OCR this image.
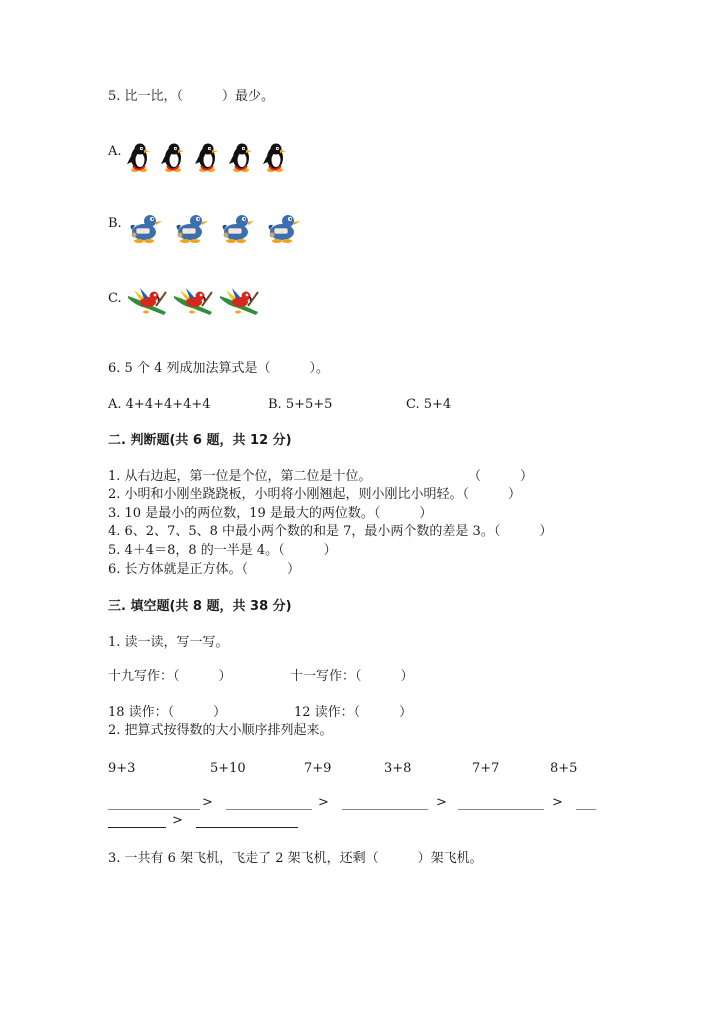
5. 比一比，（　　　）最少。
A.
B.
C.
6. 5 个 4 列成加法算式是（　　　）。
A. 4+4+4+4+4	B. 5+5+5	C. 5+4
二. 判断题(共 6 题，共 12 分)
1. 从右边起，第一位是个位，第二位是十位。	（　　　）
2. 小明和小刚坐跷跷板，小明将小刚翘起，则小刚比小明轻。（　　　）
3. 10 是最小的两位数，19 是最大的两位数。（　　　）
4. 6、2、7、5、8 中最小两个数的和是 7，最小两个数的差是 3。（　　　）
5. 4＋4＝8，8 的一半是 4。（　　　）
6. 长方体就是正方体。（　　　）
三. 填空题(共 8 题，共 38 分)
1. 读一读，写一写。
十九写作：（　　　）	十一写作：（　　　）
18 读作：（　　　）	12 读作：（　　　）
2. 把算式按得数的大小顺序排列起来。
9+3	5+10	7+9	3+8	7+7	8+5
>	>	>	>
>
3. 一共有 6 架飞机，飞走了 2 架飞机，还剩（　　　）架飞机。
